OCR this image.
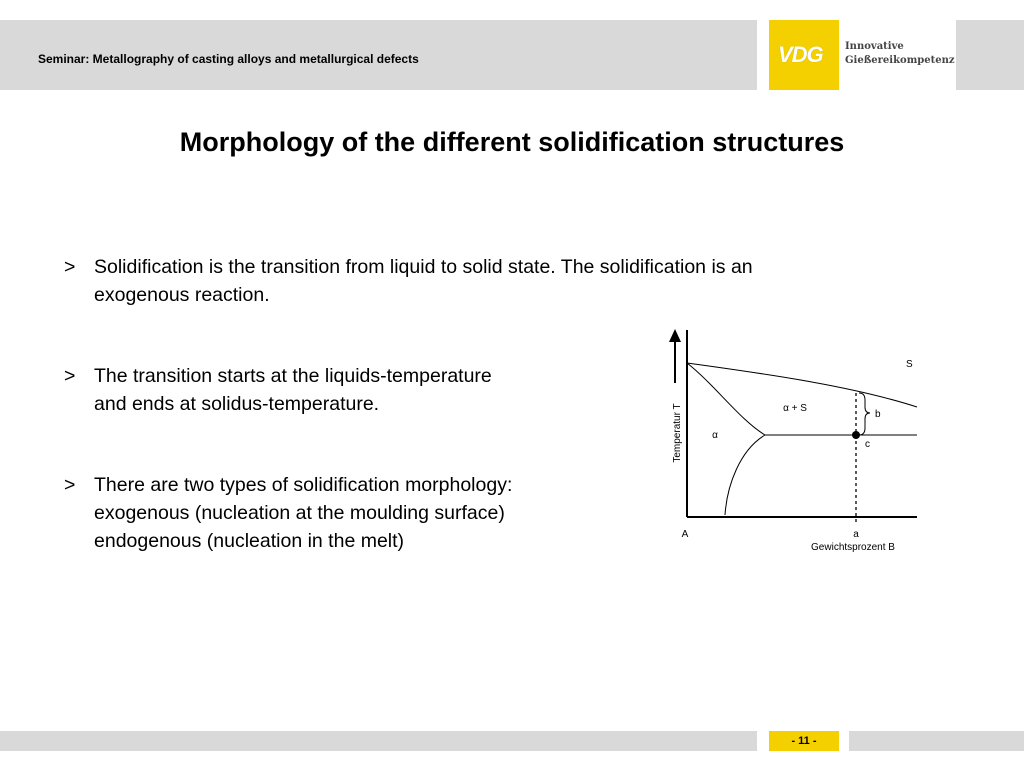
Seminar: Metallography of casting alloys and metallurgical defects	VDG	Innovative
Gießereikompetenz
Morphology of the different solidification structures
> Solidification is the transition from liquid to solid state. The solidification is an
exogenous reaction.
> The transition starts at the liquids-temperature
and ends at solidus-temperature.
> There are two types of solidification morphology:
exogenous (nucleation at the moulding surface)
endogenous (nucleation in the melt)
Temperatur T
A	a
Gewichtsprozent B
S
α + S
α
b
c
- 11 -
